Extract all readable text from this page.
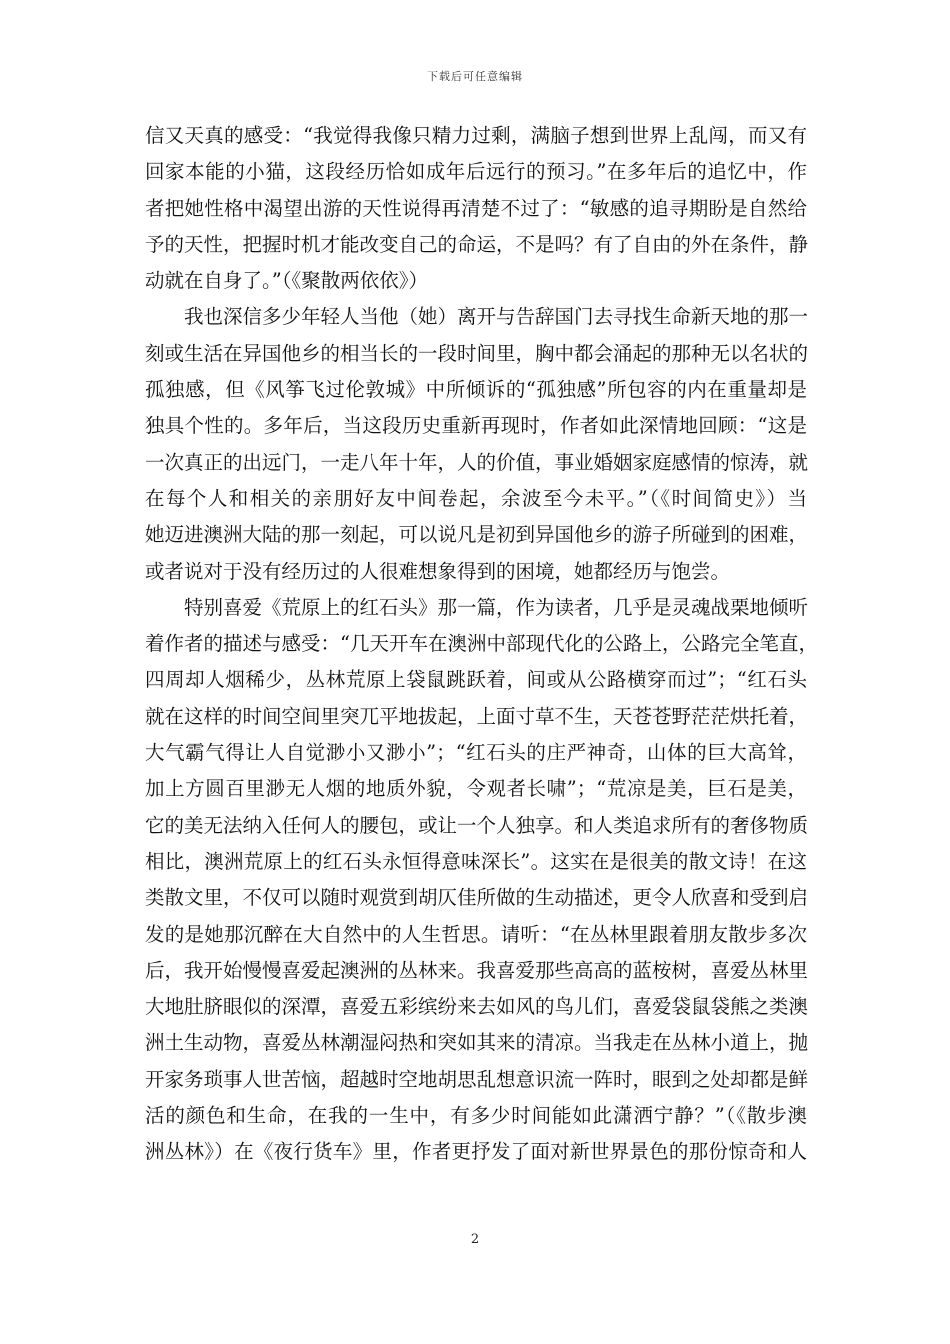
下载后可任意编辑
信又天真的感受：“我觉得我像只精力过剩，满脑子想到世界上乱闯，而又有
回家本能的小猫，这段经历恰如成年后远行的预习。”在多年后的追忆中，作
者把她性格中渴望出游的天性说得再清楚不过了：“敏感的追寻期盼是自然给
予的天性，把握时机才能改变自己的命运，不是吗？有了自由的外在条件，静
动就在自身了。”（《聚散两依依》）
我也深信多少年轻人当他（她）离开与告辞国门去寻找生命新天地的那一
刻或生活在异国他乡的相当长的一段时间里，胸中都会涌起的那种无以名状的
孤独感，但《风筝飞过伦敦城》中所倾诉的“孤独感”所包容的内在重量却是
独具个性的。多年后，当这段历史重新再现时，作者如此深情地回顾：“这是
一次真正的出远门，一走八年十年，人的价值，事业婚姻家庭感情的惊涛，就
在每个人和相关的亲朋好友中间卷起，余波至今未平。”（《时间简史》）当
她迈进澳洲大陆的那一刻起，可以说凡是初到异国他乡的游子所碰到的困难，
或者说对于没有经历过的人很难想象得到的困境，她都经历与饱尝。
特别喜爱《荒原上的红石头》那一篇，作为读者，几乎是灵魂战栗地倾听
着作者的描述与感受：“几天开车在澳洲中部现代化的公路上，公路完全笔直，
四周却人烟稀少，丛林荒原上袋鼠跳跃着，间或从公路横穿而过”；“红石头
就在这样的时间空间里突兀平地拔起，上面寸草不生，天苍苍野茫茫烘托着，
大气霸气得让人自觉渺小又渺小”；“红石头的庄严神奇，山体的巨大高耸，
加上方圆百里渺无人烟的地质外貌，令观者长啸”；“荒凉是美，巨石是美，
它的美无法纳入任何人的腰包，或让一个人独享。和人类追求所有的奢侈物质
相比，澳洲荒原上的红石头永恒得意味深长”。这实在是很美的散文诗！在这
类散文里，不仅可以随时观赏到胡仄佳所做的生动描述，更令人欣喜和受到启
发的是她那沉醉在大自然中的人生哲思。请听：“在丛林里跟着朋友散步多次
后，我开始慢慢喜爱起澳洲的丛林来。我喜爱那些高高的蓝桉树，喜爱丛林里
大地肚脐眼似的深潭，喜爱五彩缤纷来去如风的鸟儿们，喜爱袋鼠袋熊之类澳
洲土生动物，喜爱丛林潮湿闷热和突如其来的清凉。当我走在丛林小道上，抛
开家务琐事人世苦恼，超越时空地胡思乱想意识流一阵时，眼到之处却都是鲜
活的颜色和生命，在我的一生中，有多少时间能如此潇洒宁静？”（《散步澳
洲丛林》）在《夜行货车》里，作者更抒发了面对新世界景色的那份惊奇和人
2
